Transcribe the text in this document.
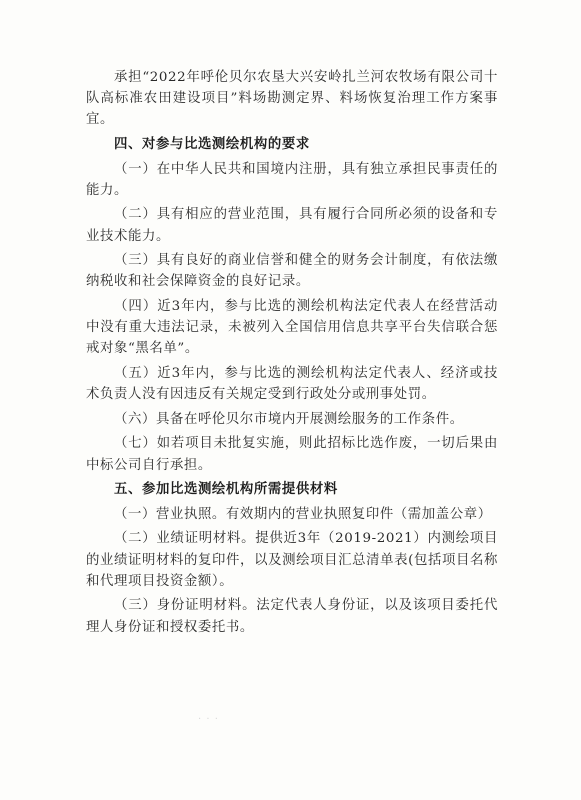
承担“2022年呼伦贝尔农垦大兴安岭扎兰河农牧场有限公司十队高标准农田建设项目”料场勘测定界、料场恢复治理工作方案事宜。

四、对参与比选测绘机构的要求

（一）在中华人民共和国境内注册，具有独立承担民事责任的能力。

（二）具有相应的营业范围，具有履行合同所必须的设备和专业技术能力。

（三）具有良好的商业信誉和健全的财务会计制度，有依法缴纳税收和社会保障资金的良好记录。

（四）近3年内，参与比选的测绘机构法定代表人在经营活动中没有重大违法记录，未被列入全国信用信息共享平台失信联合惩戒对象“黑名单”。

（五）近3年内，参与比选的测绘机构法定代表人、经济或技术负责人没有因违反有关规定受到行政处分或刑事处罚。

（六）具备在呼伦贝尔市境内开展测绘服务的工作条件。

（七）如若项目未批复实施，则此招标比选作废，一切后果由中标公司自行承担。

五、参加比选测绘机构所需提供材料

（一）营业执照。有效期内的营业执照复印件（需加盖公章）

（二）业绩证明材料。提供近3年（2019-2021）内测绘项目的业绩证明材料的复印件，以及测绘项目汇总清单表(包括项目名称和代理项目投资金额）。

（三）身份证明材料。法定代表人身份证，以及该项目委托代理人身份证和授权委托书。

· · ·
